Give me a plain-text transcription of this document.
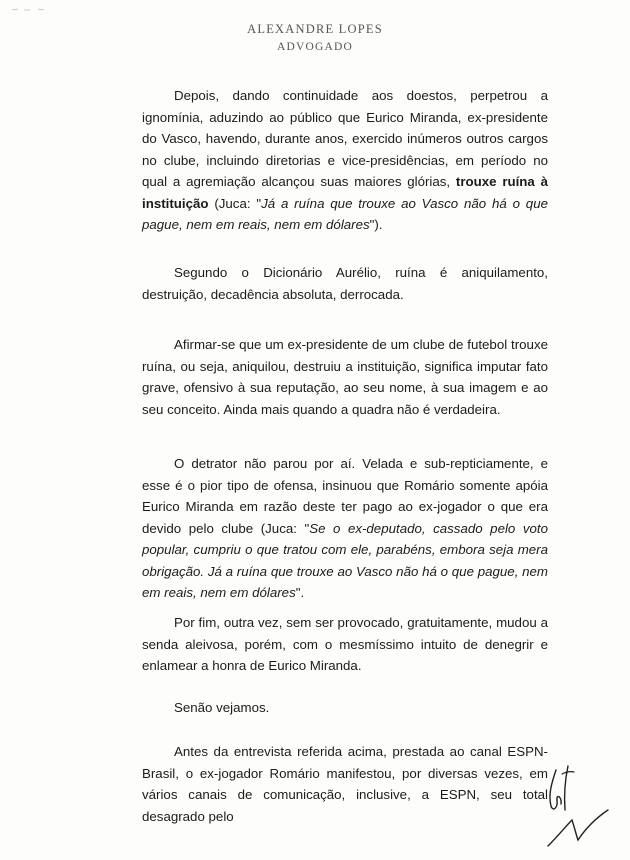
ALEXANDRE LOPES
ADVOGADO

Depois, dando continuidade aos doestos, perpetrou a ignomínia, aduzindo ao público que Eurico Miranda, ex-presidente do Vasco, havendo, durante anos, exercido inúmeros outros cargos no clube, incluindo diretorias e vice-presidências, em período no qual a agremiação alcançou suas maiores glórias, trouxe ruína à instituição (Juca: "Já a ruína que trouxe ao Vasco não há o que pague, nem em reais, nem em dólares").

Segundo o Dicionário Aurélio, ruína é aniquilamento, destruição, decadência absoluta, derrocada.

Afirmar-se que um ex-presidente de um clube de futebol trouxe ruína, ou seja, aniquilou, destruiu a instituição, significa imputar fato grave, ofensivo à sua reputação, ao seu nome, à sua imagem e ao seu conceito. Ainda mais quando a quadra não é verdadeira.

O detrator não parou por aí. Velada e sub-repticiamente, e esse é o pior tipo de ofensa, insinuou que Romário somente apóia Eurico Miranda em razão deste ter pago ao ex-jogador o que era devido pelo clube (Juca: "Se o ex-deputado, cassado pelo voto popular, cumpriu o que tratou com ele, parabéns, embora seja mera obrigação. Já a ruína que trouxe ao Vasco não há o que pague, nem em reais, nem em dólares".

Por fim, outra vez, sem ser provocado, gratuitamente, mudou a senda aleivosa, porém, com o mesmíssimo intuito de denegrir e enlamear a honra de Eurico Miranda.

Senão vejamos.

Antes da entrevista referida acima, prestada ao canal ESPN-Brasil, o ex-jogador Romário manifestou, por diversas vezes, em vários canais de comunicação, inclusive, a ESPN, seu total desagrado pelo
